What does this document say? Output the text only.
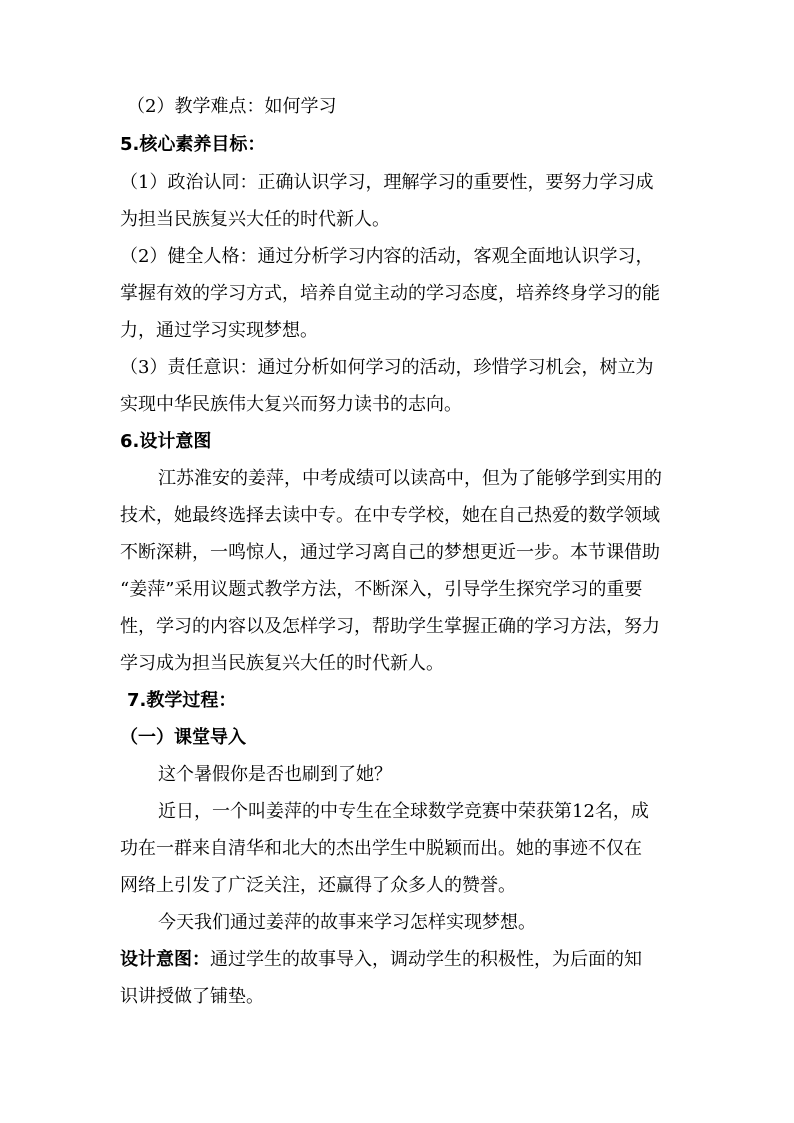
（2）教学难点：如何学习
5.核心素养目标：
（1）政治认同：正确认识学习，理解学习的重要性，要努力学习成
为担当民族复兴大任的时代新人。
（2）健全人格：通过分析学习内容的活动，客观全面地认识学习，
掌握有效的学习方式，培养自觉主动的学习态度，培养终身学习的能
力，通过学习实现梦想。
（3）责任意识：通过分析如何学习的活动，珍惜学习机会，树立为
实现中华民族伟大复兴而努力读书的志向。
6.设计意图
江苏淮安的姜萍，中考成绩可以读高中，但为了能够学到实用的
技术，她最终选择去读中专。在中专学校，她在自己热爱的数学领域
不断深耕，一鸣惊人，通过学习离自己的梦想更近一步。本节课借助
“姜萍”采用议题式教学方法，不断深入，引导学生探究学习的重要
性，学习的内容以及怎样学习，帮助学生掌握正确的学习方法，努力
学习成为担当民族复兴大任的时代新人。
7.教学过程：
（一）课堂导入
这个暑假你是否也刷到了她？
近日，一个叫姜萍的中专生在全球数学竞赛中荣获第12名，成
功在一群来自清华和北大的杰出学生中脱颖而出。她的事迹不仅在
网络上引发了广泛关注，还赢得了众多人的赞誉。
今天我们通过姜萍的故事来学习怎样实现梦想。
设计意图：通过学生的故事导入，调动学生的积极性，为后面的知
识讲授做了铺垫。
